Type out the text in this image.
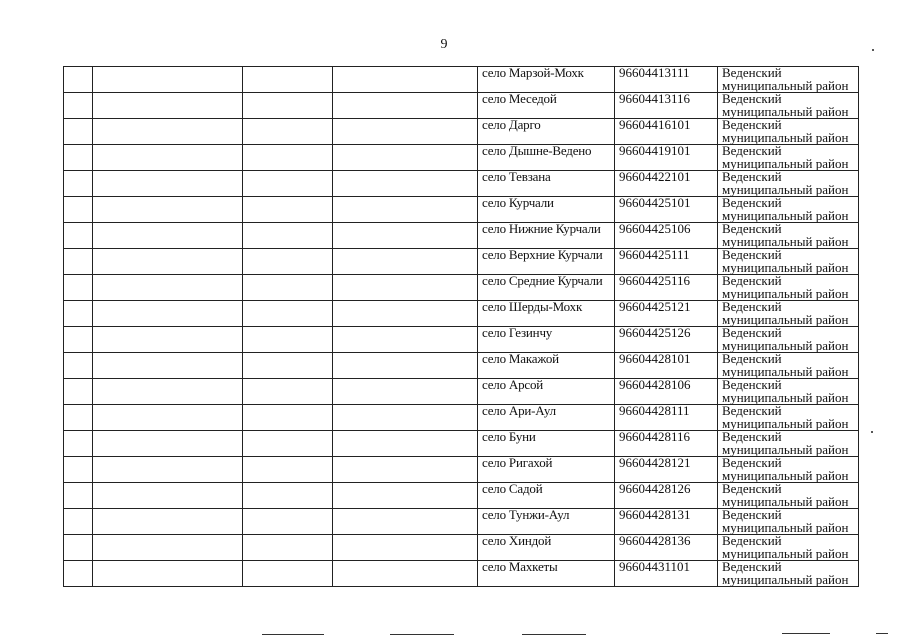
9
				село Марзой-Мохк	96604413111	Веденский
муниципальный район

				село Меседой	96604413116	Веденский
муниципальный район

				село Дарго	96604416101	Веденский
муниципальный район

				село Дышне-Ведено	96604419101	Веденский
муниципальный район

				село Тевзана	96604422101	Веденский
муниципальный район

				село Курчали	96604425101	Веденский
муниципальный район

				село Нижние Курчали	96604425106	Веденский
муниципальный район

				село Верхние Курчали	96604425111	Веденский
муниципальный район

				село Средние Курчали	96604425116	Веденский
муниципальный район

				село Шерды-Мохк	96604425121	Веденский
муниципальный район

				село Гезинчу	96604425126	Веденский
муниципальный район

				село Макажой	96604428101	Веденский
муниципальный район

				село Арсой	96604428106	Веденский
муниципальный район

				село Ари-Аул	96604428111	Веденский
муниципальный район

				село Буни	96604428116	Веденский
муниципальный район

				село Ригахой	96604428121	Веденский
муниципальный район

				село Садой	96604428126	Веденский
муниципальный район

				село Тунжи-Аул	96604428131	Веденский
муниципальный район

				село Хиндой	96604428136	Веденский
муниципальный район

				село Махкеты	96604431101	Веденский
муниципальный район
